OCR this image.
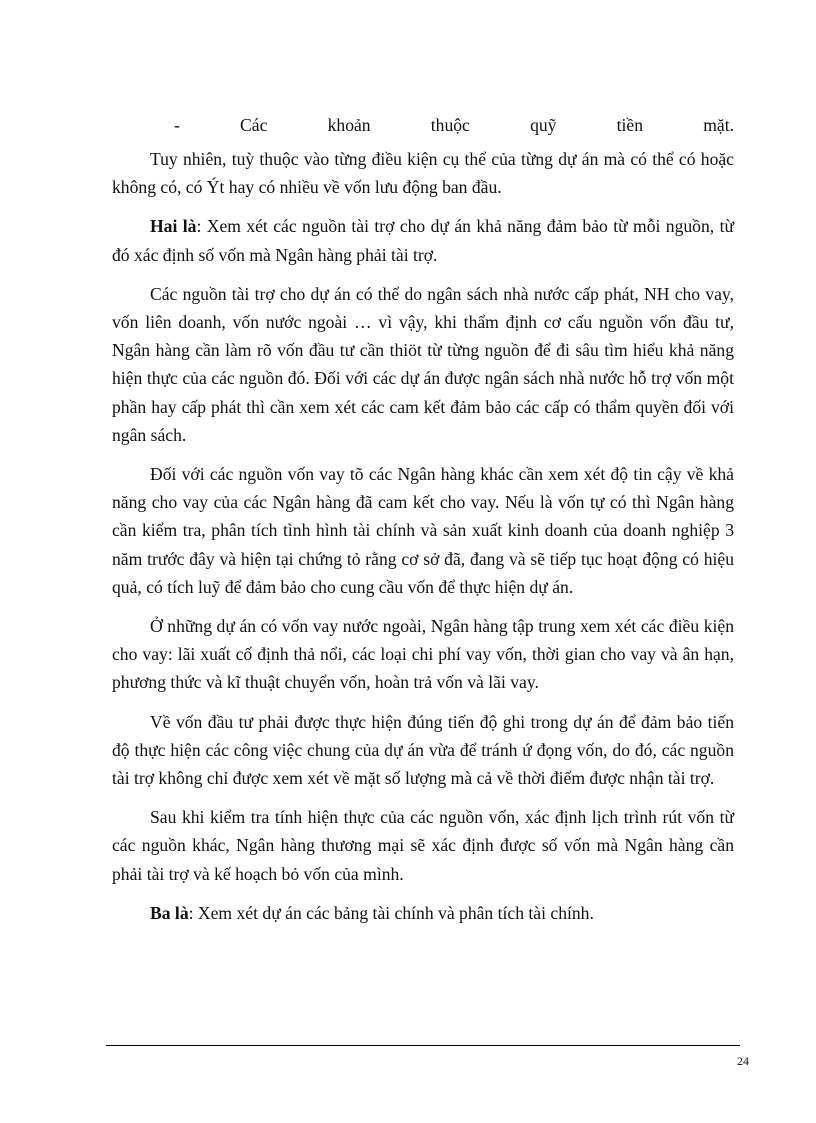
-	Các	khoản	thuộc	quỹ	tiền	mặt.

Tuy nhiên, tuỳ thuộc vào từng điều kiện cụ thể của từng dự án mà có thể có hoặc không có, có Ýt hay có nhiều về vốn lưu động ban đầu.

Hai là: Xem xét các nguồn tài trợ cho dự án khả năng đảm bảo từ mỗi nguồn, từ đó xác định số vốn mà Ngân hàng phải tài trợ.

Các nguồn tài trợ cho dự án có thể do ngân sách nhà nước cấp phát, NH cho vay, vốn liên doanh, vốn nước ngoài … vì vậy, khi thẩm định cơ cấu nguồn vốn đầu tư, Ngân hàng cần làm rõ vốn đầu tư cần thiöt từ từng nguồn để đi sâu tìm hiểu khả năng hiện thực của các nguồn đó. Đối với các dự án được ngân sách nhà nước hỗ trợ vốn một phần hay cấp phát thì cần xem xét các cam kết đảm bảo các cấp có thẩm quyền đối với ngân sách.

Đối với các nguồn vốn vay tõ các Ngân hàng khác cần xem xét độ tin cậy về khả năng cho vay của các Ngân hàng đã cam kết cho vay. Nếu là vốn tự có thì Ngân hàng cần kiểm tra, phân tích tình hình tài chính và sản xuất kinh doanh của doanh nghiệp 3 năm trước đây và hiện tại chứng tỏ rằng cơ sở đã, đang và sẽ tiếp tục hoạt động có hiệu quả, có tích luỹ để đảm bảo cho cung cầu vốn để thực hiện dự án.

Ở những dự án có vốn vay nước ngoài, Ngân hàng tập trung xem xét các điều kiện cho vay: lãi xuất cố định thả nổi, các loại chi phí vay vốn, thời gian cho vay và ân hạn, phương thức và kĩ thuật chuyển vốn, hoàn trả vốn và lãi vay.

Về vốn đầu tư phải được thực hiện đúng tiến độ ghi trong dự án để đảm bảo tiến độ thực hiện các công việc chung của dự án vừa để tránh ứ đọng vốn, do đó, các nguồn tài trợ không chỉ được xem xét về mặt số lượng mà cả về thời điểm được nhận tài trợ.

Sau khi kiểm tra tính hiện thực của các nguồn vốn, xác định lịch trình rút vốn từ các nguồn khác, Ngân hàng thương mại sẽ xác định được số vốn mà Ngân hàng cần phải tài trợ và kế hoạch bỏ vốn của mình.

Ba là: Xem xét dự án các bảng tài chính và phân tích tài chính.

24
